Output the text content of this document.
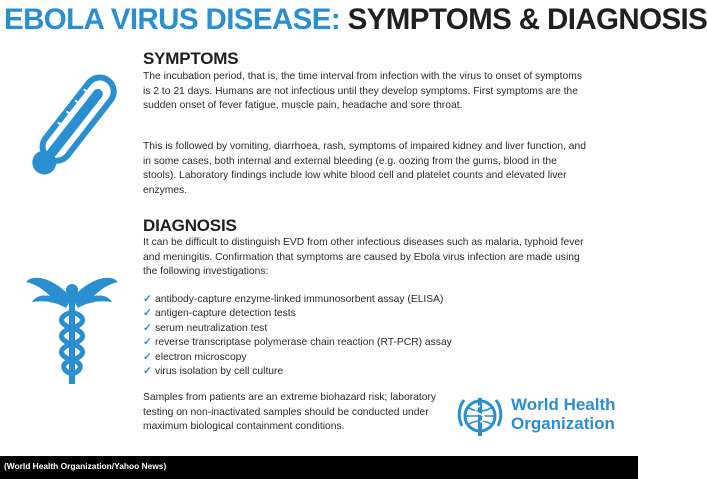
EBOLA VIRUS DISEASE: SYMPTOMS & DIAGNOSIS
SYMPTOMS
The incubation period, that is, the time interval from infection with the virus to onset of symptoms is 2 to 21 days. Humans are not infectious until they develop symptoms. First symptoms are the sudden onset of fever fatigue, muscle pain, headache and sore throat.
This is followed by vomiting, diarrhoea, rash, symptoms of impaired kidney and liver function, and in some cases, both internal and external bleeding (e.g. oozing from the gums, blood in the stools). Laboratory findings include low white blood cell and platelet counts and elevated liver enzymes.
DIAGNOSIS
It can be difficult to distinguish EVD from other infectious diseases such as malaria, typhoid fever and meningitis. Confirmation that symptoms are caused by Ebola virus infection are made using the following investigations:
✓ antibody-capture enzyme-linked immunosorbent assay (ELISA)
✓ antigen-capture detection tests
✓ serum neutralization test
✓ reverse transcriptase polymerase chain reaction (RT-PCR) assay
✓ electron microscopy
✓ virus isolation by cell culture
Samples from patients are an extreme biohazard risk; laboratory testing on non-inactivated samples should be conducted under maximum biological containment conditions.
World Health
Organization
(World Health Organization/Yahoo News)
